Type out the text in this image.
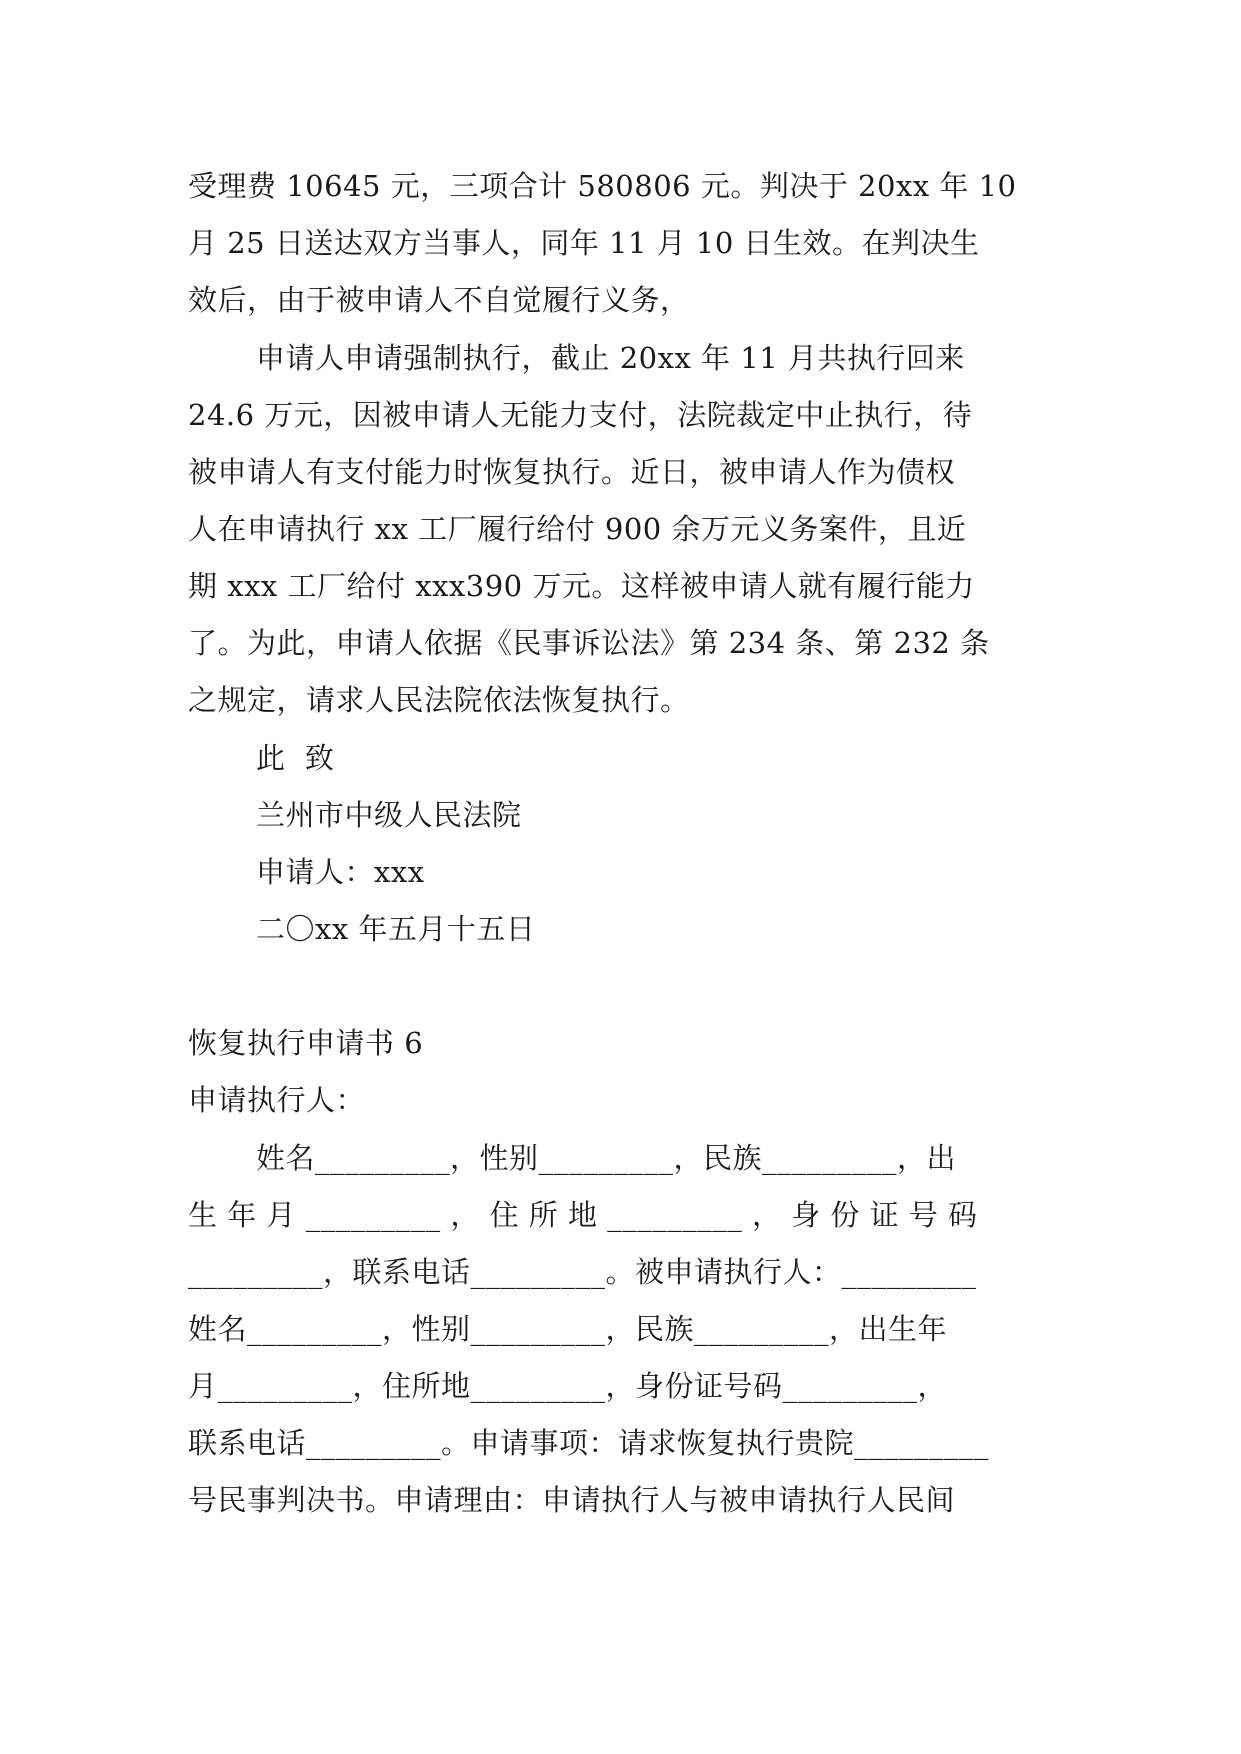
受理费 10645 元，三项合计 580806 元。判决于 20xx 年 10
月 25 日送达双方当事人，同年 11 月 10 日生效。在判决生
效后，由于被申请人不自觉履行义务，
申请人申请强制执行，截止 20xx 年 11 月共执行回来
24.6 万元，因被申请人无能力支付，法院裁定中止执行，待
被申请人有支付能力时恢复执行。近日，被申请人作为债权
人在申请执行 xx 工厂履行给付 900 余万元义务案件，且近
期 xxx 工厂给付 xxx390 万元。这样被申请人就有履行能力
了。为此，申请人依据《民事诉讼法》第 234 条、第 232 条
之规定，请求人民法院依法恢复执行。
此  致
兰州市中级人民法院
申请人：xxx
二〇xx 年五月十五日
恢复执行申请书 6
申请执行人：
姓名_________，性别_________，民族_________，出
生 年 月 _________ ， 住 所 地 _________ ， 身 份 证 号 码
_________，联系电话_________。被申请执行人：_________
姓名_________，性别_________，民族_________，出生年
月_________，住所地_________，身份证号码_________，
联系电话_________。申请事项：请求恢复执行贵院_________
号民事判决书。申请理由：申请执行人与被申请执行人民间
